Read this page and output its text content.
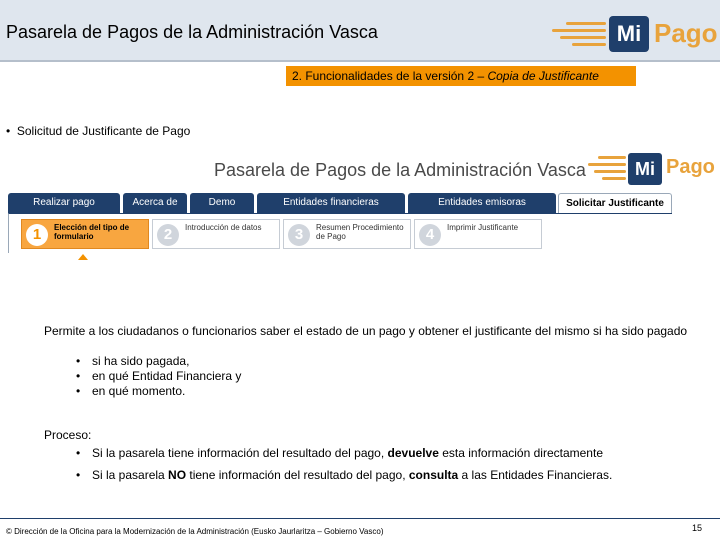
Pasarela de Pagos de la Administración Vasca	Mi Pago
2. Funcionalidades de la versión 2 – Copia de Justificante
• Solicitud de Justificante de Pago
Pasarela de Pagos de la Administración Vasca	Mi Pago
Realizar pago	Acerca de	Demo	Entidades financieras	Entidades emisoras	Solicitar Justificante
1	Elección del tipo de formulario	2	Introducción de datos	3	Resumen Procedimiento de Pago	4	Imprimir Justificante
Permite a los ciudadanos o funcionarios saber el estado de un pago y obtener el justificante del mismo si ha sido pagado
• si ha sido pagada,
• en qué Entidad Financiera y
• en qué momento.
Proceso:
• Si la pasarela tiene información del resultado del pago, devuelve esta información directamente
• Si la pasarela NO tiene información del resultado del pago, consulta a las Entidades Financieras.
© Dirección de la Oficina para la Modernización de la Administración (Eusko Jaurlaritza – Gobierno Vasco)	15
